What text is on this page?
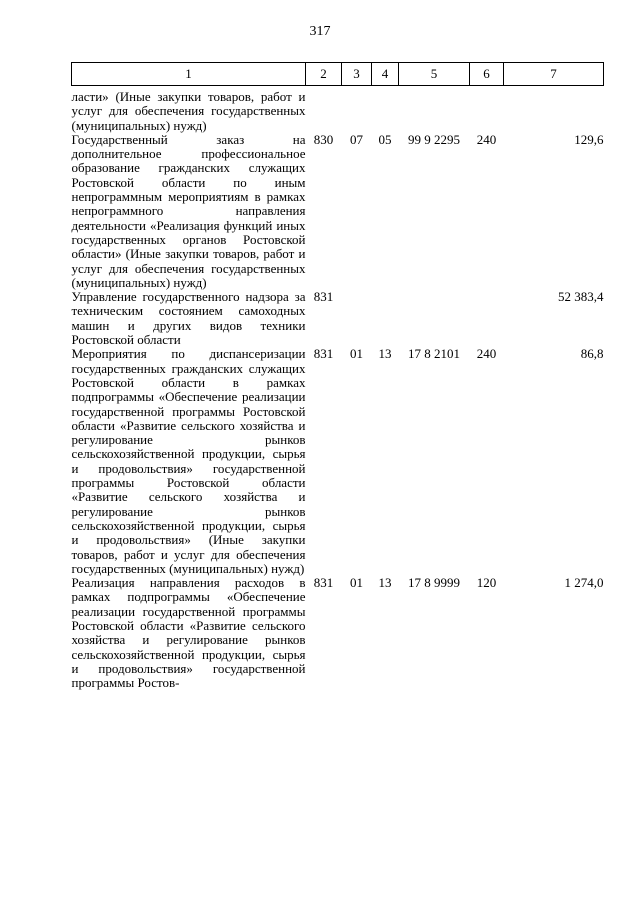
317
1	2	3	4	5	6	7
ласти» (Иные закупки товаров, работ и услуг для обеспечения государственных (муниципальных) нужд)						
Государственный заказ на дополнительное профессиональное образование гражданских служащих Ростовской области по иным непрограммным мероприятиям в рамках непрограммного направления деятельности «Реализация функций иных государственных органов Ростовской области» (Иные закупки товаров, работ и услуг для обеспечения государственных (муниципальных) нужд)	830	07	05	99 9 2295	240	129,6
Управление государственного надзора за техническим состоянием самоходных машин и других видов техники Ростовской области	831					52 383,4
Мероприятия по диспансеризации государственных гражданских служащих Ростовской области в рамках подпрограммы «Обеспечение реализации государственной программы Ростовской области «Развитие сельского хозяйства и регулирование рынков сельскохозяйственной продукции, сырья и продовольствия» государственной программы Ростовской области «Развитие сельского хозяйства и регулирование рынков сельскохозяйственной продукции, сырья и продовольствия» (Иные закупки товаров, работ и услуг для обеспечения государственных (муниципальных) нужд)	831	01	13	17 8 2101	240	86,8
Реализация направления расходов в рамках подпрограммы «Обеспечение реализации государственной программы Ростовской области «Развитие сельского хозяйства и регулирование рынков сельскохозяйственной продукции, сырья и продовольствия» государственной программы Ростов-	831	01	13	17 8 9999	120	1 274,0
